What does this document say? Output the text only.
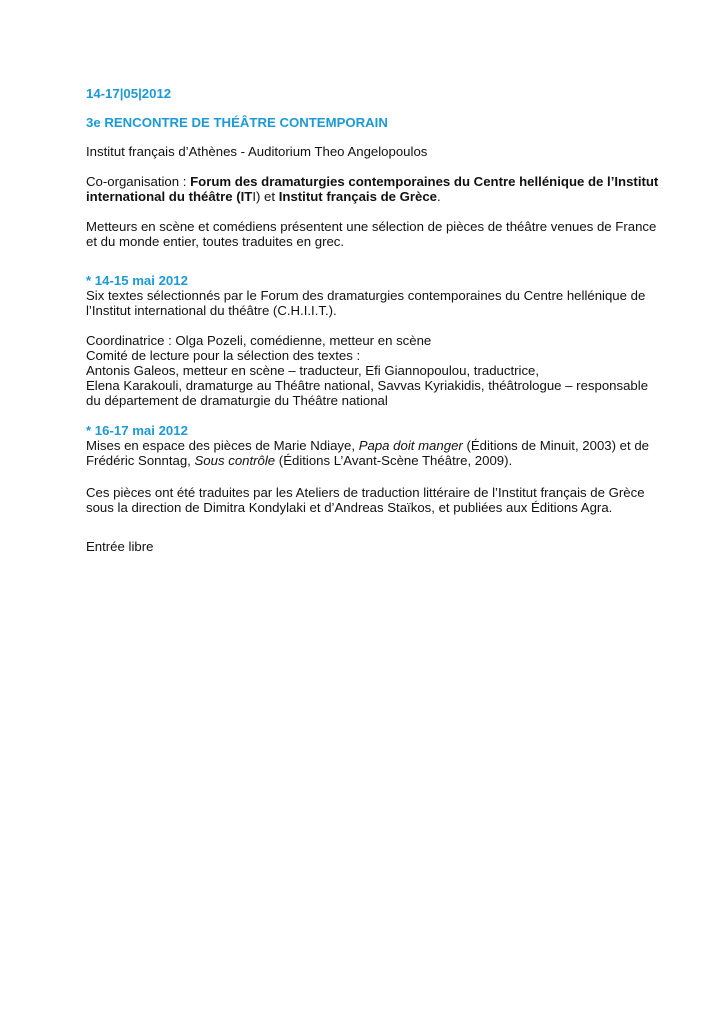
14-17|05|2012

3e RENCONTRE DE THÉÂTRE CONTEMPORAIN

Institut français d’Athènes - Auditorium Theo Angelopoulos

Co-organisation : Forum des dramaturgies contemporaines du Centre hellénique de l’Institut international du théâtre (ITI) et Institut français de Grèce.

Metteurs en scène et comédiens présentent une sélection de pièces de théâtre venues de France et du monde entier, toutes traduites en grec.

* 14-15 mai 2012

Six textes sélectionnés par le Forum des dramaturgies contemporaines du Centre hellénique de l’Institut international du théâtre (C.H.I.I.T.).

Coordinatrice : Olga Pozeli, comédienne, metteur en scène

Comité de lecture pour la sélection des textes :

Antonis Galeos, metteur en scène – traducteur, Efi Giannopoulou, traductrice,

Elena Karakouli, dramaturge au Théâtre national, Savvas Kyriakidis, théâtrologue – responsable du département de dramaturgie du Théâtre national

* 16-17 mai 2012

Mises en espace des pièces de Marie Ndiaye, Papa doit manger (Éditions de Minuit, 2003) et de Frédéric Sonntag, Sous contrôle (Éditions L’Avant-Scène Théâtre, 2009).

Ces pièces ont été traduites par les Ateliers de traduction littéraire de l’Institut français de Grèce sous la direction de Dimitra Kondylaki et d’Andreas Staïkos, et publiées aux Éditions Agra.

Entrée libre
